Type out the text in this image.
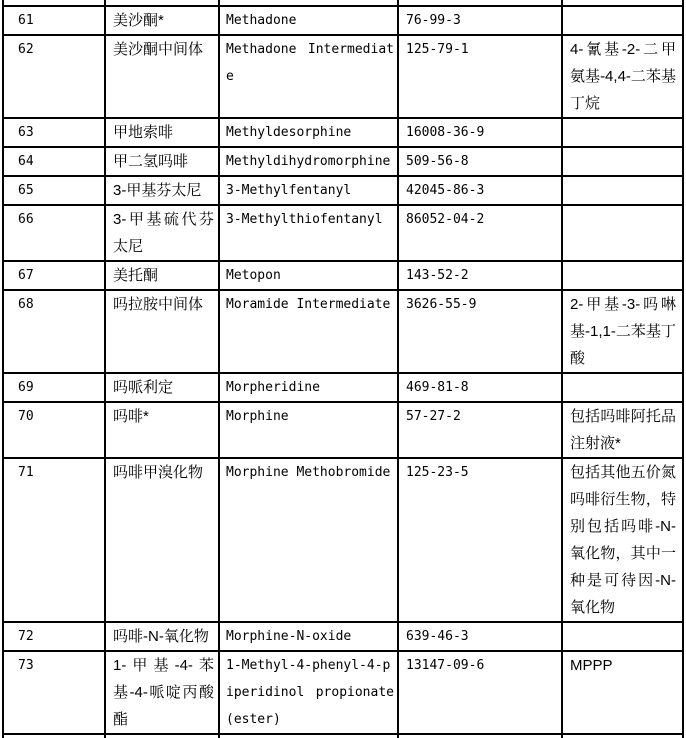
61	美沙酮*	Methadone	76-99-3	
62	美沙酮中间体	Methadone Intermediate	125-79-1	4-氰基-2-二甲氨基-4,4-二苯基丁烷
63	甲地索啡	Methyldesorphine	16008-36-9	
64	甲二氢吗啡	Methyldihydromorphine	509-56-8	
65	3-甲基芬太尼	3-Methylfentanyl	42045-86-3	
66	3-甲基硫代芬太尼	3-Methylthiofentanyl	86052-04-2	
67	美托酮	Metopon	143-52-2	
68	吗拉胺中间体	Moramide Intermediate	3626-55-9	2-甲基-3-吗啉基-1,1-二苯基丁酸
69	吗哌利定	Morpheridine	469-81-8	
70	吗啡*	Morphine	57-27-2	包括吗啡阿托品注射液*
71	吗啡甲溴化物	Morphine Methobromide	125-23-5	包括其他五价氮吗啡衍生物，特别包括吗啡-N-氧化物，其中一种是可待因-N-氧化物
72	吗啡-N-氧化物	Morphine-N-oxide	639-46-3	
73	1-甲基-4-苯基-4-哌啶丙酸酯	1-Methyl-4-phenyl-4-piperidinol propionate (ester)	13147-09-6	MPPP
